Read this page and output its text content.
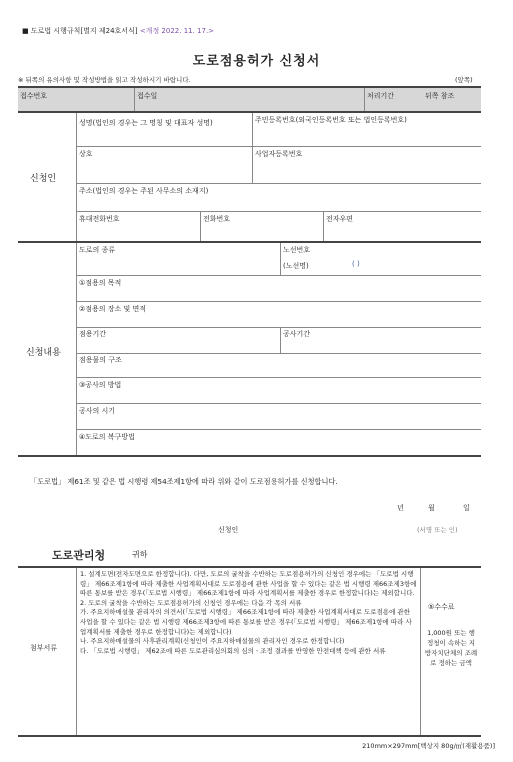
■ 도로법 시행규칙[별지 제24호서식] <개정 2022. 11. 17.>
도로점용허가 신청서
※ 뒤쪽의 유의사항 및 작성방법을 읽고 작성하시기 바랍니다.	(앞쪽)
접수번호	접수일	처리기간	뒤쪽 참조
신청인
성명(법인의 경우는 그 명칭 및 대표자 성명)	주민등록번호(외국인등록번호 또는 법인등록번호)
상호	사업자등록번호
주소(법인의 경우는 주된 사무소의 소재지)
휴대전화번호	전화번호	전자우편
신청내용
도로의 종류	노선번호
(노선명)	( )
①점용의 목적
②점용의 장소 및 면적
점용기간	공사기간
점용물의 구조
③공사의 방법
공사의 시기
④도로의 복구방법
「도로법」 제61조 및 같은 법 시행령 제54조제1항에 따라 위와 같이 도로점용허가를 신청합니다.
년	월	일
신청인	(서명 또는 인)
도로관리청	귀하
첨부서류
1. 설계도면(전자도면으로 한정합니다). 다만, 도로의 굴착을 수반하는 도로점용허가의 신청인 경우에는 「도로법 시행령」 제66조제1항에 따라 제출한 사업계획서대로 도로점용에 관한 사업을 할 수 있다는 같은 법 시행령 제66조제3항에 따른 통보를 받은 경우(「도로법 시행령」 제66조제1항에 따라 사업계획서를 제출한 경우로 한정합니다)는 제외합니다.
2. 도로의 굴착을 수반하는 도로점용허가의 신청인 경우에는 다음 각 목의 서류
가. 주요지하매설물 관리자의 의견서(「도로법 시행령」 제66조제1항에 따라 제출한 사업계획서대로 도로점용에 관한 사업을 할 수 있다는 같은 법 시행령 제66조제3항에 따른 통보를 받은 경우(「도로법 시행령」 제66조제1항에 따라 사업계획서를 제출한 경우로 한정합니다)는 제외합니다)
나. 주요지하매설물의 사후관리계획(신청인이 주요지하매설물의 관리자인 경우로 한정합니다)
다. 「도로법 시행령」 제62조에 따른 도로관리심의회의 심의ㆍ조정 결과를 반영한 안전대책 등에 관한 서류
⑤수수료
1,000원 또는 행정청이 속하는 지방자치단체의 조례로 정하는 금액
210mm×297mm[백상지 80g/㎡(재활용품)]
